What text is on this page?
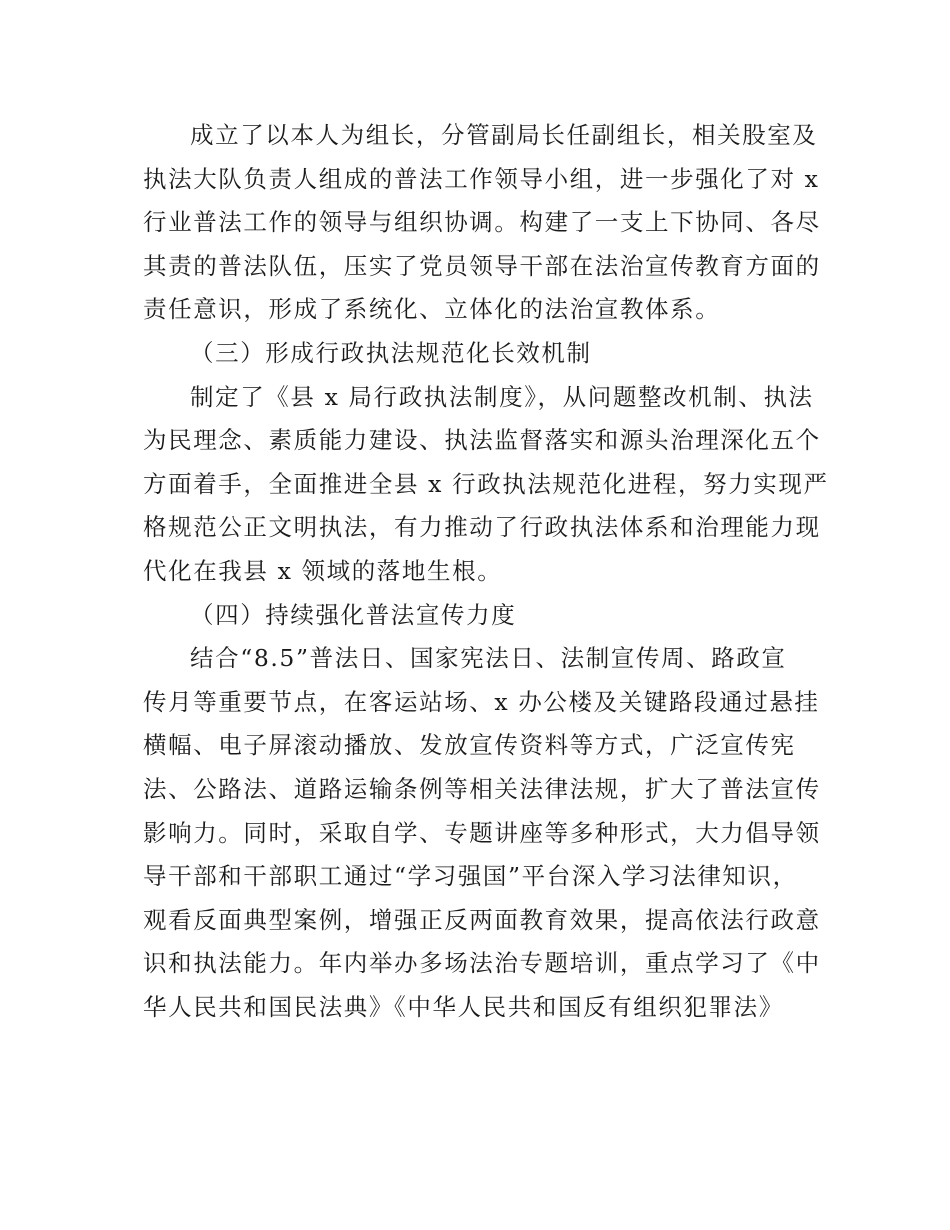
成立了以本人为组长，分管副局长任副组长，相关股室及
执法大队负责人组成的普法工作领导小组，进一步强化了对 x
行业普法工作的领导与组织协调。构建了一支上下协同、各尽
其责的普法队伍，压实了党员领导干部在法治宣传教育方面的
责任意识，形成了系统化、立体化的法治宣教体系。
（三）形成行政执法规范化长效机制
制定了《县 x 局行政执法制度》，从问题整改机制、执法
为民理念、素质能力建设、执法监督落实和源头治理深化五个
方面着手，全面推进全县 x 行政执法规范化进程，努力实现严
格规范公正文明执法，有力推动了行政执法体系和治理能力现
代化在我县 x 领域的落地生根。
（四）持续强化普法宣传力度
结合“8.5”普法日、国家宪法日、法制宣传周、路政宣
传月等重要节点，在客运站场、x 办公楼及关键路段通过悬挂
横幅、电子屏滚动播放、发放宣传资料等方式，广泛宣传宪
法、公路法、道路运输条例等相关法律法规，扩大了普法宣传
影响力。同时，采取自学、专题讲座等多种形式，大力倡导领
导干部和干部职工通过“学习强国”平台深入学习法律知识，
观看反面典型案例，增强正反两面教育效果，提高依法行政意
识和执法能力。年内举办多场法治专题培训，重点学习了《中
华人民共和国民法典》《中华人民共和国反有组织犯罪法》
